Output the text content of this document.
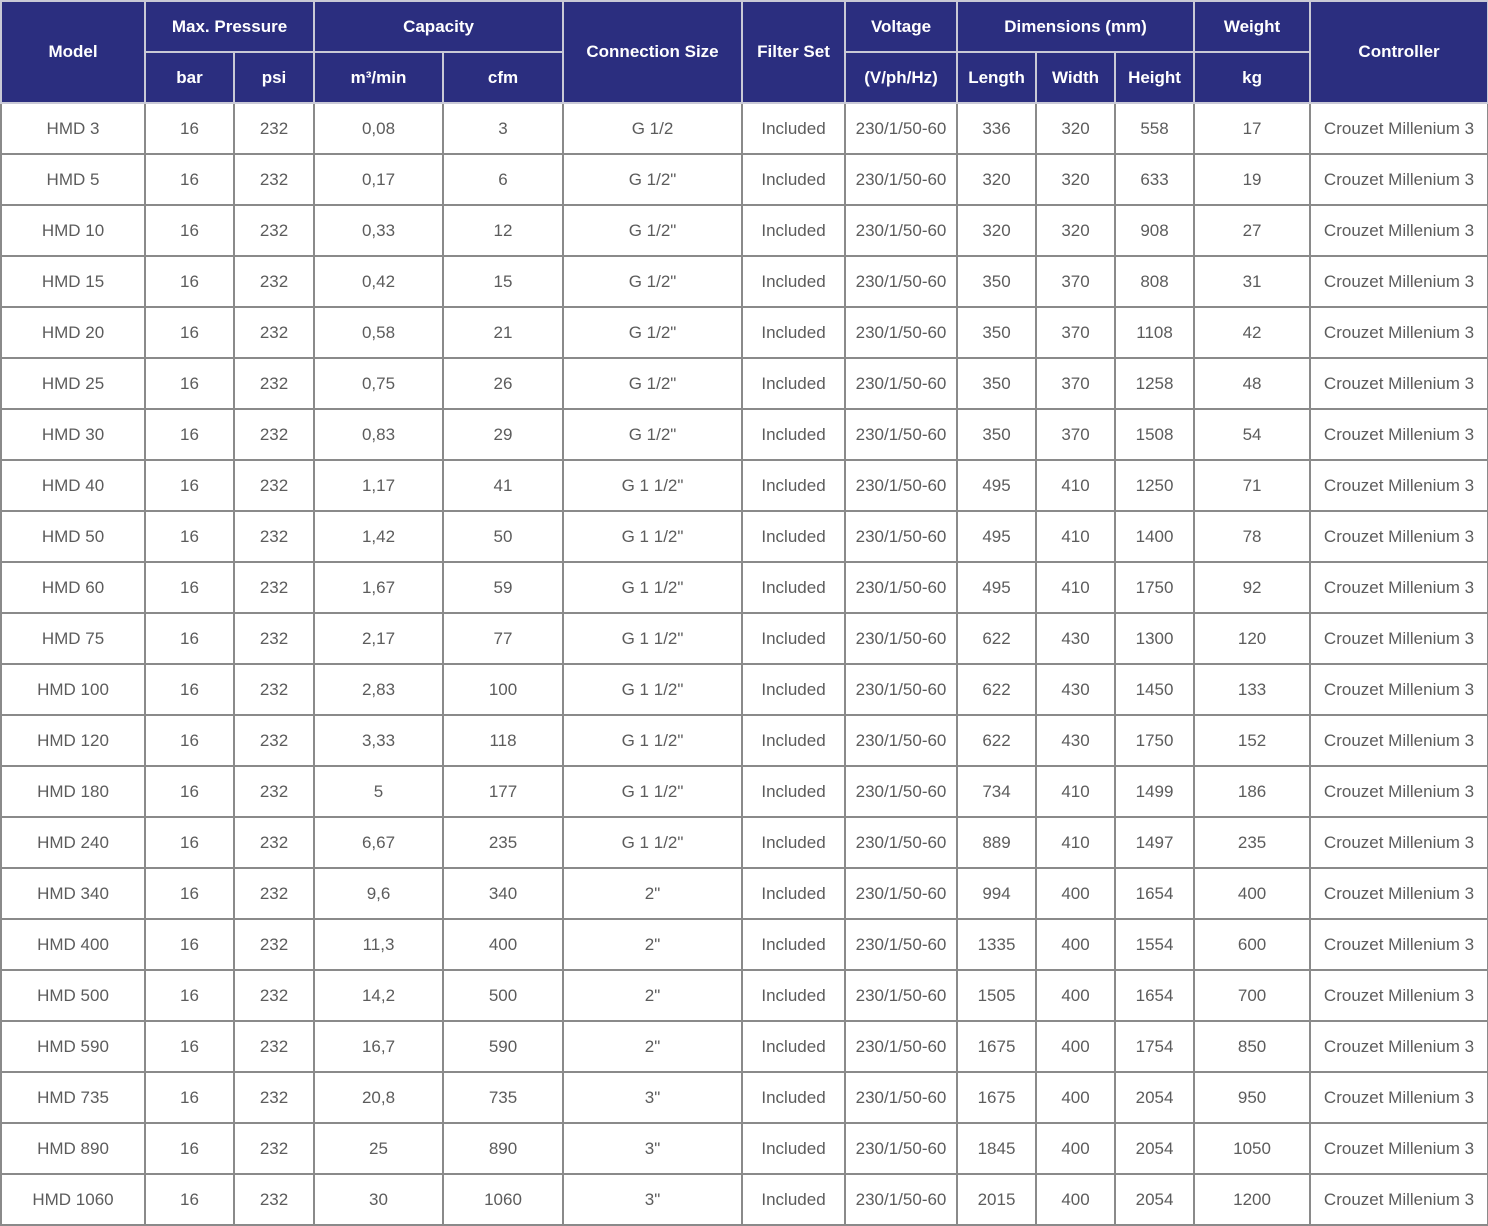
Model	Max. Pressure		Capacity		Connection Size	Filter Set	Voltage	Dimensions (mm)			Weight	Controller
	bar	psi	m³/min	cfm			(V/ph/Hz)	Length	Width	Height	kg	
HMD 3	16	232	0,08	3	G 1/2	Included	230/1/50-60	336	320	558	17	Crouzet Millenium 3
HMD 5	16	232	0,17	6	G 1/2"	Included	230/1/50-60	320	320	633	19	Crouzet Millenium 3
HMD 10	16	232	0,33	12	G 1/2"	Included	230/1/50-60	320	320	908	27	Crouzet Millenium 3
HMD 15	16	232	0,42	15	G 1/2"	Included	230/1/50-60	350	370	808	31	Crouzet Millenium 3
HMD 20	16	232	0,58	21	G 1/2"	Included	230/1/50-60	350	370	1108	42	Crouzet Millenium 3
HMD 25	16	232	0,75	26	G 1/2"	Included	230/1/50-60	350	370	1258	48	Crouzet Millenium 3
HMD 30	16	232	0,83	29	G 1/2"	Included	230/1/50-60	350	370	1508	54	Crouzet Millenium 3
HMD 40	16	232	1,17	41	G 1 1/2"	Included	230/1/50-60	495	410	1250	71	Crouzet Millenium 3
HMD 50	16	232	1,42	50	G 1 1/2"	Included	230/1/50-60	495	410	1400	78	Crouzet Millenium 3
HMD 60	16	232	1,67	59	G 1 1/2"	Included	230/1/50-60	495	410	1750	92	Crouzet Millenium 3
HMD 75	16	232	2,17	77	G 1 1/2"	Included	230/1/50-60	622	430	1300	120	Crouzet Millenium 3
HMD 100	16	232	2,83	100	G 1 1/2"	Included	230/1/50-60	622	430	1450	133	Crouzet Millenium 3
HMD 120	16	232	3,33	118	G 1 1/2"	Included	230/1/50-60	622	430	1750	152	Crouzet Millenium 3
HMD 180	16	232	5	177	G 1 1/2"	Included	230/1/50-60	734	410	1499	186	Crouzet Millenium 3
HMD 240	16	232	6,67	235	G 1 1/2"	Included	230/1/50-60	889	410	1497	235	Crouzet Millenium 3
HMD 340	16	232	9,6	340	2"	Included	230/1/50-60	994	400	1654	400	Crouzet Millenium 3
HMD 400	16	232	11,3	400	2"	Included	230/1/50-60	1335	400	1554	600	Crouzet Millenium 3
HMD 500	16	232	14,2	500	2"	Included	230/1/50-60	1505	400	1654	700	Crouzet Millenium 3
HMD 590	16	232	16,7	590	2"	Included	230/1/50-60	1675	400	1754	850	Crouzet Millenium 3
HMD 735	16	232	20,8	735	3"	Included	230/1/50-60	1675	400	2054	950	Crouzet Millenium 3
HMD 890	16	232	25	890	3"	Included	230/1/50-60	1845	400	2054	1050	Crouzet Millenium 3
HMD 1060	16	232	30	1060	3"	Included	230/1/50-60	2015	400	2054	1200	Crouzet Millenium 3
